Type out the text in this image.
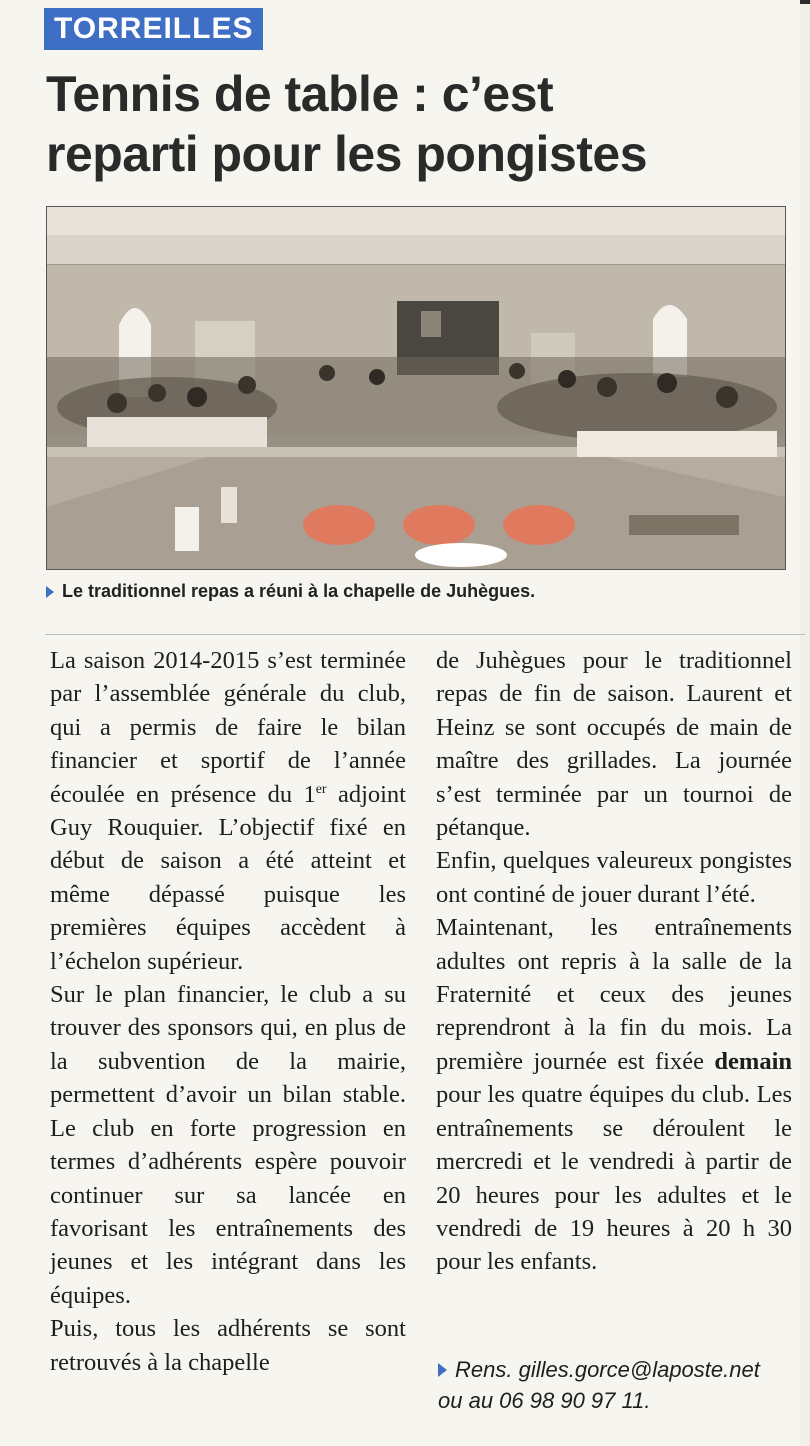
TORREILLES
Tennis de table : c’est
reparti pour les pongistes
Le traditionnel repas a réuni à la chapelle de Juhègues.

La saison 2014-2015 s’est terminée par l’assemblée générale du club, qui a permis de faire le bilan financier et sportif de l’année écoulée en présence du 1er adjoint Guy Rouquier. L’objectif fixé en début de saison a été atteint et même dépassé puisque les premières équipes accèdent à l’échelon supérieur.

Sur le plan financier, le club a su trouver des sponsors qui, en plus de la subvention de la mairie, permettent d’avoir un bilan stable. Le club en forte progression en termes d’adhérents espère pouvoir continuer sur sa lancée en favorisant les entraînements des jeunes et les intégrant dans les équipes.

Puis, tous les adhérents se sont retrouvés à la chapelle

de Juhègues pour le traditionnel repas de fin de saison. Laurent et Heinz se sont occupés de main de maître des grillades. La journée s’est terminée par un tournoi de pétanque.

Enfin, quelques valeureux pongistes ont continé de jouer durant l’été.

Maintenant, les entraînements adultes ont repris à la salle de la Fraternité et ceux des jeunes reprendront à la fin du mois. La première journée est fixée demain pour les quatre équipes du club. Les entraînements se déroulent le mercredi et le vendredi à partir de 20 heures pour les adultes et le vendredi de 19 heures à 20 h 30 pour les enfants.

Rens. gilles.gorce@laposte.net
ou au 06 98 90 97 11.
